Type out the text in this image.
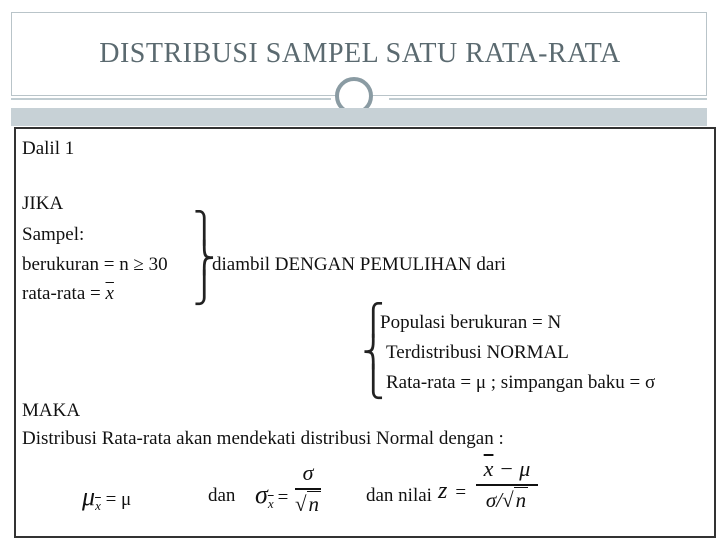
DISTRIBUSI SAMPEL SATU RATA-RATA
Dalil 1
JIKA
Sampel:
berukuran = n ≥ 30
rata-rata = $\overline{x}$
⎫
⎬
⎭
diambil DENGAN PEMULIHAN dari
⎧
⎨
⎩
Populasi berukuran = N
Terdistribusi NORMAL
Rata-rata = μ ; simpangan baku = σ
MAKA
Distribusi Rata-rata akan mendekati distribusi Normal dengan :
$\mu_{\overline{x}} = \mu$	dan $\sigma_{\overline{x}}$ =
σ
√n dan nilai z =
$\overline{x} - \mu$
σ/√n
